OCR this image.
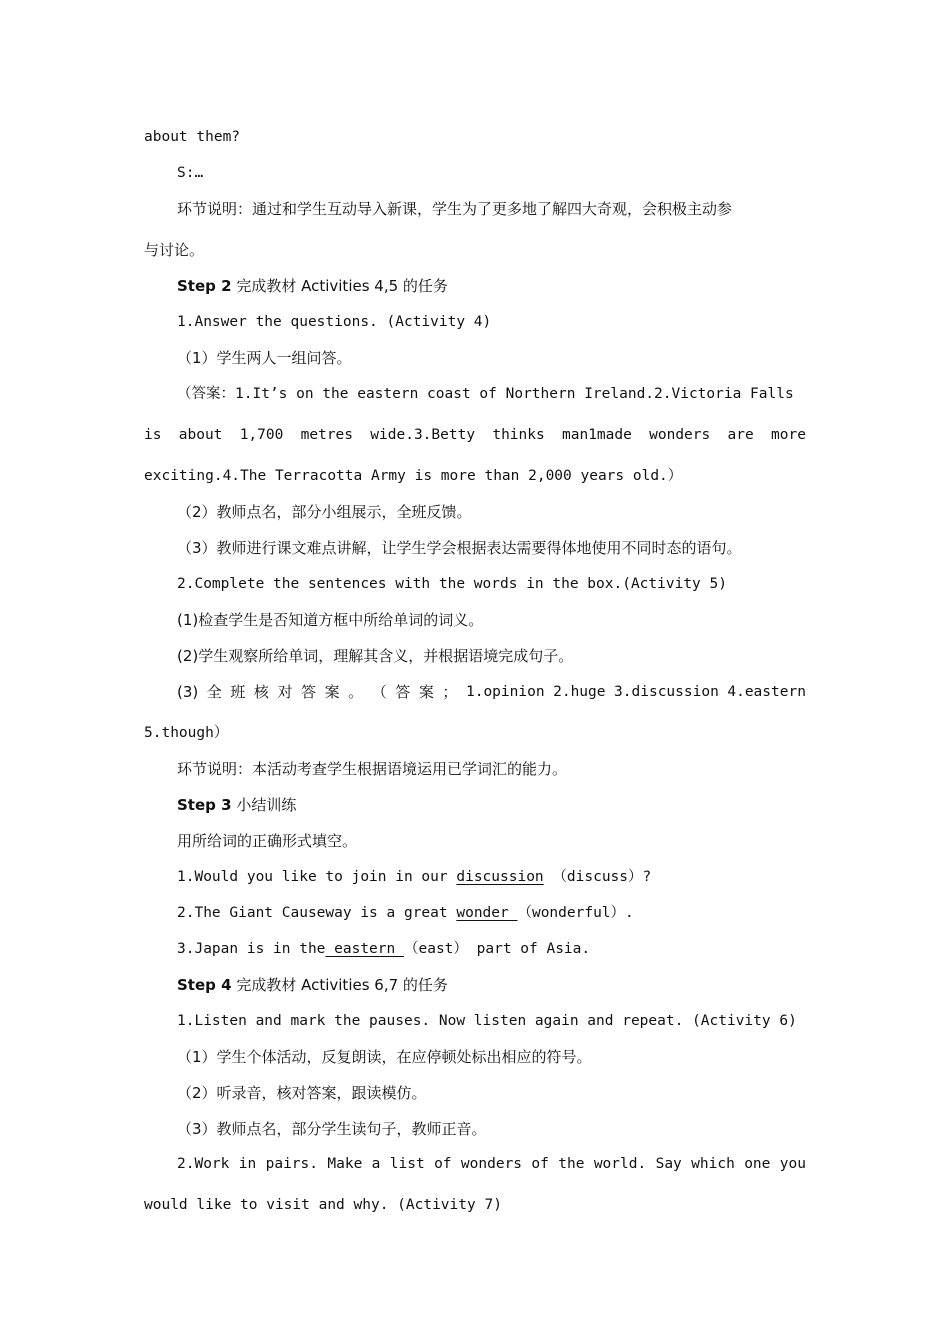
about them?
S:…
环节说明：通过和学生互动导入新课，学生为了更多地了解四大奇观，会积极主动参
与讨论。
Step 2 完成教材 Activities 4,5 的任务
1.Answer the questions. (Activity 4)
（1）学生两人一组问答。
（答案：1.It’s on the eastern coast of Northern Ireland.2.Victoria Falls
is about 1,700 metres wide.3.Betty thinks man1made wonders are more
exciting.4.The Terracotta Army is more than 2,000 years old.）
（2）教师点名，部分小组展示，全班反馈。
（3）教师进行课文难点讲解，让学生学会根据表达需要得体地使用不同时态的语句。
2.Complete the sentences with the words in the box.(Activity 5)
(1)检查学生是否知道方框中所给单词的词义。
(2)学生观察所给单词，理解其含义，并根据语境完成句子。
(3) 全 班 核 对 答 案 。 （ 答 案 ； 1.opinion 2.huge 3.discussion 4.eastern
5.though）
环节说明：本活动考查学生根据语境运用已学词汇的能力。
Step 3 小结训练
用所给词的正确形式填空。
1.Would you like to join in our discussion （discuss）?
2.The Giant Causeway is a great wonder （wonderful）.
3.Japan is in the eastern （east） part of Asia.
Step 4 完成教材 Activities 6,7 的任务
1.Listen and mark the pauses. Now listen again and repeat. (Activity 6)
（1）学生个体活动，反复朗读，在应停顿处标出相应的符号。
（2）听录音，核对答案，跟读模仿。
（3）教师点名，部分学生读句子，教师正音。
2.Work in pairs. Make a list of wonders of the world. Say which one you
would like to visit and why. (Activity 7)
